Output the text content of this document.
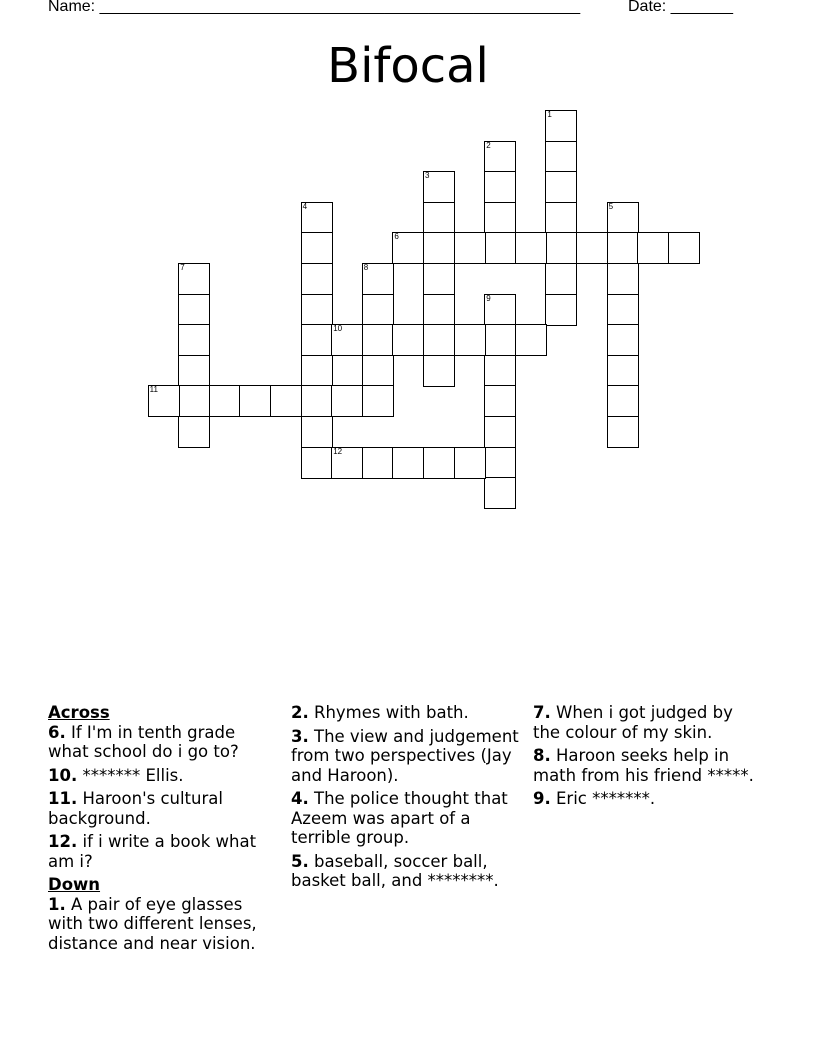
Name: ______________________________________________________	Date: _______
Bifocal
1
2
3
4	5
6
7	8
9
10
11
12
Across
6. If I'm in tenth grade what school do i go to?
10. ******* Ellis.
11. Haroon's cultural background.
12. if i write a book what am i?
Down
1. A pair of eye glasses with two different lenses, distance and near vision.
2. Rhymes with bath.
3. The view and judgement from two perspectives (Jay and Haroon).
4. The police thought that Azeem was apart of a terrible group.
5. baseball, soccer ball, basket ball, and ********.
7. When i got judged by the colour of my skin.
8. Haroon seeks help in math from his friend *****.
9. Eric *******.
